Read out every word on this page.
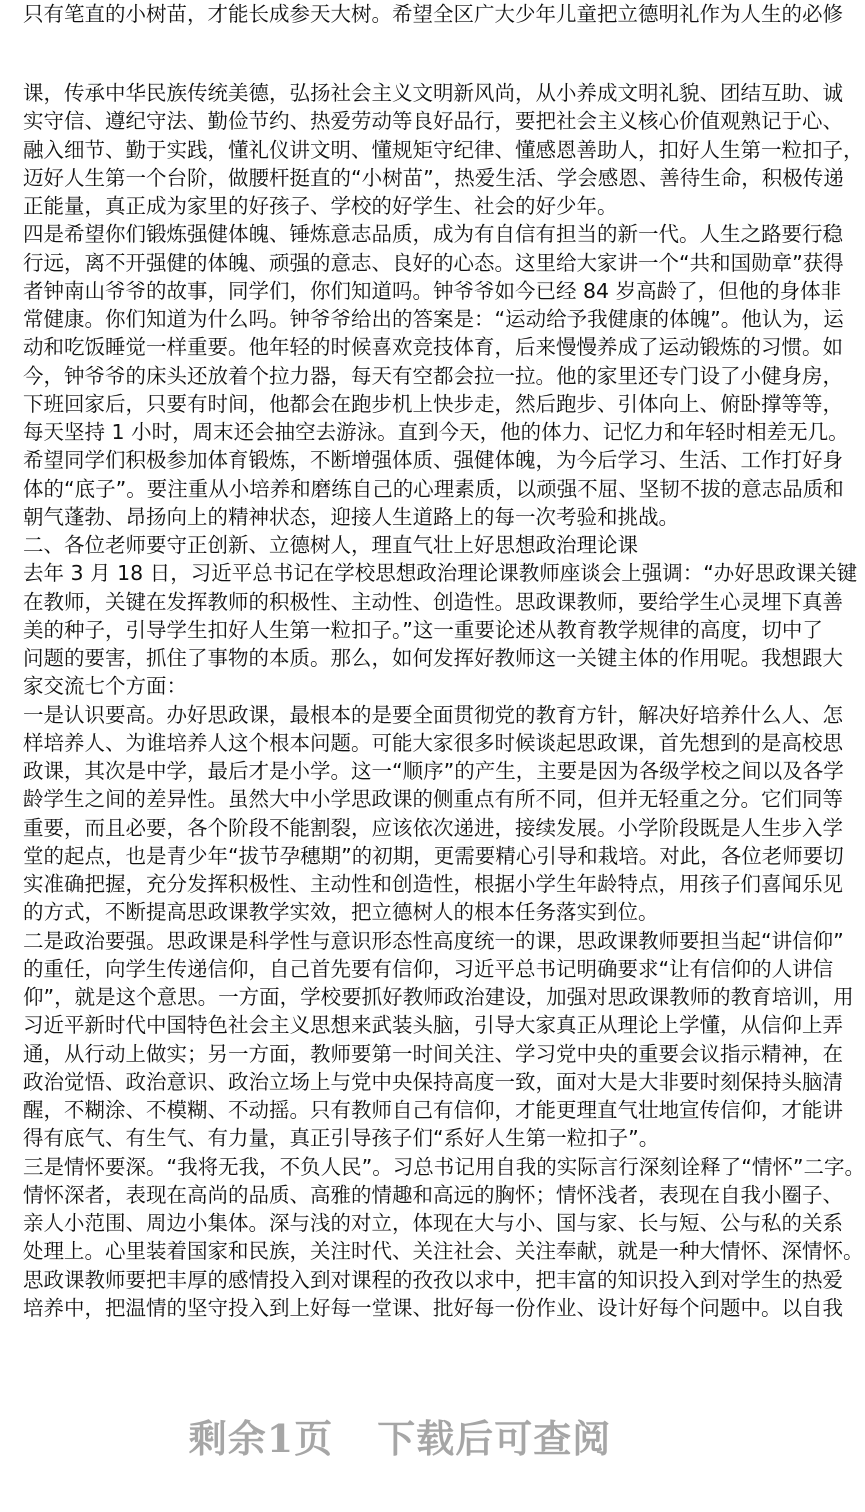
只有笔直的小树苗，才能长成参天大树。希望全区广大少年儿童把立德明礼作为人生的必修
课，传承中华民族传统美德，弘扬社会主义文明新风尚，从小养成文明礼貌、团结互助、诚
实守信、遵纪守法、勤俭节约、热爱劳动等良好品行，要把社会主义核心价值观熟记于心、
融入细节、勤于实践，懂礼仪讲文明、懂规矩守纪律、懂感恩善助人，扣好人生第一粒扣子，
迈好人生第一个台阶，做腰杆挺直的“小树苗”，热爱生活、学会感恩、善待生命，积极传递
正能量，真正成为家里的好孩子、学校的好学生、社会的好少年。
四是希望你们锻炼强健体魄、锤炼意志品质，成为有自信有担当的新一代。人生之路要行稳
行远，离不开强健的体魄、顽强的意志、良好的心态。这里给大家讲一个“共和国勋章”获得
者钟南山爷爷的故事，同学们，你们知道吗。钟爷爷如今已经 84 岁高龄了，但他的身体非
常健康。你们知道为什么吗。钟爷爷给出的答案是：“运动给予我健康的体魄”。他认为，运
动和吃饭睡觉一样重要。他年轻的时候喜欢竞技体育，后来慢慢养成了运动锻炼的习惯。如
今，钟爷爷的床头还放着个拉力器，每天有空都会拉一拉。他的家里还专门设了小健身房，
下班回家后，只要有时间，他都会在跑步机上快步走，然后跑步、引体向上、俯卧撑等等，
每天坚持 1 小时，周末还会抽空去游泳。直到今天，他的体力、记忆力和年轻时相差无几。
希望同学们积极参加体育锻炼，不断增强体质、强健体魄，为今后学习、生活、工作打好身
体的“底子”。要注重从小培养和磨练自己的心理素质，以顽强不屈、坚韧不拔的意志品质和
朝气蓬勃、昂扬向上的精神状态，迎接人生道路上的每一次考验和挑战。
二、各位老师要守正创新、立德树人，理直气壮上好思想政治理论课
去年 3 月 18 日，习近平总书记在学校思想政治理论课教师座谈会上强调：“办好思政课关键
在教师，关键在发挥教师的积极性、主动性、创造性。思政课教师，要给学生心灵埋下真善
美的种子，引导学生扣好人生第一粒扣子。”这一重要论述从教育教学规律的高度，切中了
问题的要害，抓住了事物的本质。那么，如何发挥好教师这一关键主体的作用呢。我想跟大
家交流七个方面：
一是认识要高。办好思政课，最根本的是要全面贯彻党的教育方针，解决好培养什么人、怎
样培养人、为谁培养人这个根本问题。可能大家很多时候谈起思政课，首先想到的是高校思
政课，其次是中学，最后才是小学。这一“顺序”的产生，主要是因为各级学校之间以及各学
龄学生之间的差异性。虽然大中小学思政课的侧重点有所不同，但并无轻重之分。它们同等
重要，而且必要，各个阶段不能割裂，应该依次递进，接续发展。小学阶段既是人生步入学
堂的起点，也是青少年“拔节孕穗期”的初期，更需要精心引导和栽培。对此，各位老师要切
实准确把握，充分发挥积极性、主动性和创造性，根据小学生年龄特点，用孩子们喜闻乐见
的方式，不断提高思政课教学实效，把立德树人的根本任务落实到位。
二是政治要强。思政课是科学性与意识形态性高度统一的课，思政课教师要担当起“讲信仰”
的重任，向学生传递信仰，自己首先要有信仰，习近平总书记明确要求“让有信仰的人讲信
仰”，就是这个意思。一方面，学校要抓好教师政治建设，加强对思政课教师的教育培训，用
习近平新时代中国特色社会主义思想来武装头脑，引导大家真正从理论上学懂，从信仰上弄
通，从行动上做实；另一方面，教师要第一时间关注、学习党中央的重要会议指示精神，在
政治觉悟、政治意识、政治立场上与党中央保持高度一致，面对大是大非要时刻保持头脑清
醒，不糊涂、不模糊、不动摇。只有教师自己有信仰，才能更理直气壮地宣传信仰，才能讲
得有底气、有生气、有力量，真正引导孩子们“系好人生第一粒扣子”。
三是情怀要深。“我将无我，不负人民”。习总书记用自我的实际言行深刻诠释了“情怀”二字。
情怀深者，表现在高尚的品质、高雅的情趣和高远的胸怀；情怀浅者，表现在自我小圈子、
亲人小范围、周边小集体。深与浅的对立，体现在大与小、国与家、长与短、公与私的关系
处理上。心里装着国家和民族，关注时代、关注社会、关注奉献，就是一种大情怀、深情怀。
思政课教师要把丰厚的感情投入到对课程的孜孜以求中，把丰富的知识投入到对学生的热爱
培养中，把温情的坚守投入到上好每一堂课、批好每一份作业、设计好每个问题中。以自我
剩余1页 下载后可查阅
